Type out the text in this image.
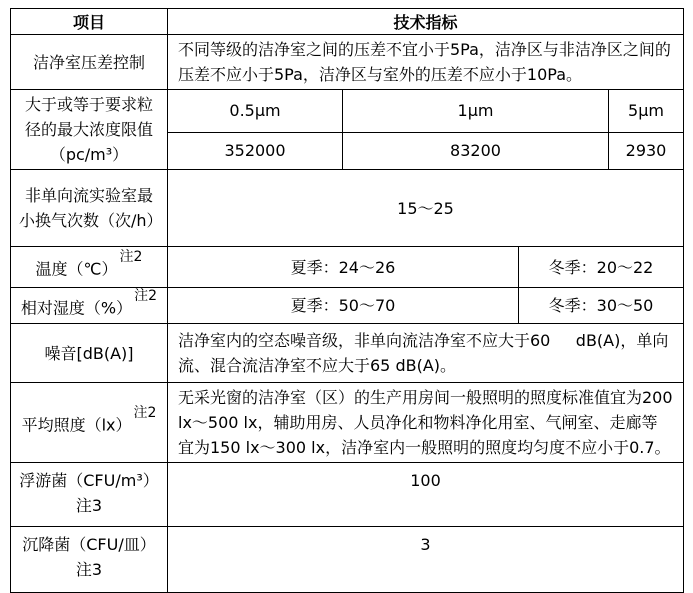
项目	技术指标			
洁净室压差控制	不同等级的洁净室之间的压差不宜小于5Pa，洁净区与非洁净区之间的压差不应小于5Pa，洁净区与室外的压差不应小于10Pa。			
大于或等于要求粒径的最大浓度限值（pc/m³）	0.5μm	1μm		5μm
	352000	83200		2930
非单向流实验室最小换气次数（次/h）	15～25			
温度（℃）$^{注2}$	夏季：24～26		冬季：20～22	
相对湿度（%）$^{注2}$	夏季：50～70		冬季：30～50	
噪音[dB(A)]	洁净室内的空态噪音级，非单向流洁净室不应大于60     dB(A)，单向流、混合流洁净室不应大于65 dB(A)。			
平均照度（lx）$^{注2}$	无采光窗的洁净室（区）的生产用房间一般照明的照度标准值宜为200 lx～500 lx，辅助用房、人员净化和物料净化用室、气闸室、走廊等宜为150 lx～300 lx，洁净室内一般照明的照度均匀度不应小于0.7。			

浮游菌（CFU/m³）
注3	100			

沉降菌（CFU/皿）
注3	3			
